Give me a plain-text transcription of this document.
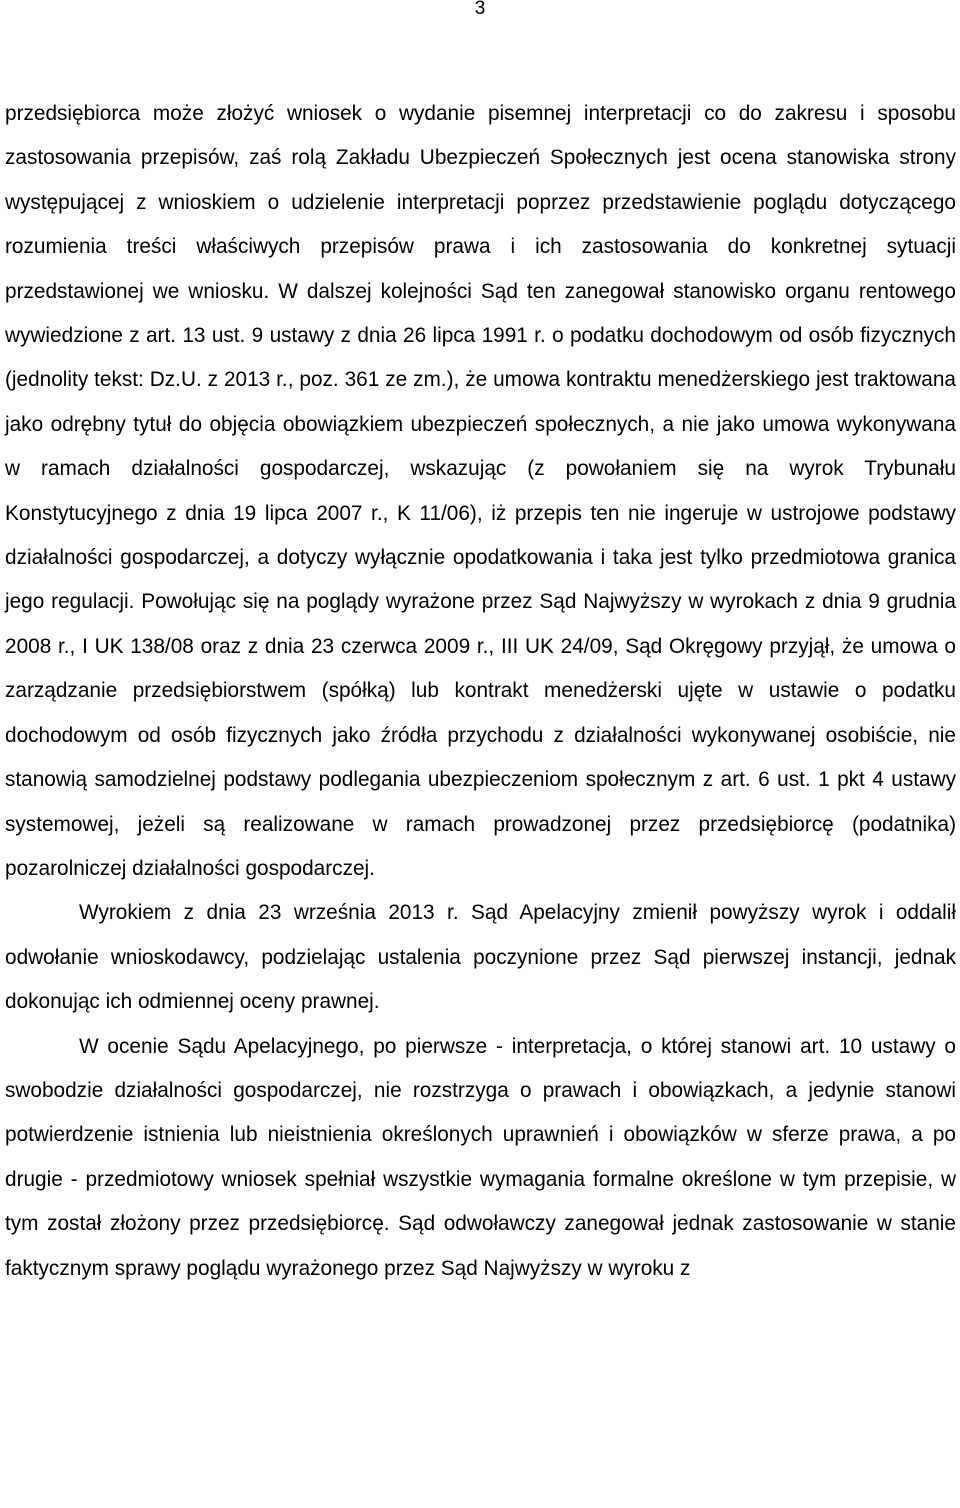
3

przedsiębiorca może złożyć wniosek o wydanie pisemnej interpretacji co do zakresu i sposobu zastosowania przepisów, zaś rolą Zakładu Ubezpieczeń Społecznych jest ocena stanowiska strony występującej z wnioskiem o udzielenie interpretacji poprzez przedstawienie poglądu dotyczącego rozumienia treści właściwych przepisów prawa i ich zastosowania do konkretnej sytuacji przedstawionej we wniosku. W dalszej kolejności Sąd ten zanegował stanowisko organu rentowego wywiedzione z art. 13 ust. 9 ustawy z dnia 26 lipca 1991 r. o podatku dochodowym od osób fizycznych (jednolity tekst: Dz.U. z 2013 r., poz. 361 ze zm.), że umowa kontraktu menedżerskiego jest traktowana jako odrębny tytuł do objęcia obowiązkiem ubezpieczeń społecznych, a nie jako umowa wykonywana w ramach działalności gospodarczej, wskazując (z powołaniem się na wyrok Trybunału Konstytucyjnego z dnia 19 lipca 2007 r., K 11/06), iż przepis ten nie ingeruje w ustrojowe podstawy działalności gospodarczej, a dotyczy wyłącznie opodatkowania i taka jest tylko przedmiotowa granica jego regulacji. Powołując się na poglądy wyrażone przez Sąd Najwyższy w wyrokach z dnia 9 grudnia 2008 r., I UK 138/08 oraz z dnia 23 czerwca 2009 r., III UK 24/09, Sąd Okręgowy przyjął, że umowa o zarządzanie przedsiębiorstwem (spółką) lub kontrakt menedżerski ujęte w ustawie o podatku dochodowym od osób fizycznych jako źródła przychodu z działalności wykonywanej osobiście, nie stanowią samodzielnej podstawy podlegania ubezpieczeniom społecznym z art. 6 ust. 1 pkt 4 ustawy systemowej, jeżeli są realizowane w ramach prowadzonej przez przedsiębiorcę (podatnika) pozarolniczej działalności gospodarczej.

Wyrokiem z dnia 23 września 2013 r. Sąd Apelacyjny zmienił powyższy wyrok i oddalił odwołanie wnioskodawcy, podzielając ustalenia poczynione przez Sąd pierwszej instancji, jednak dokonując ich odmiennej oceny prawnej.

W ocenie Sądu Apelacyjnego, po pierwsze - interpretacja, o której stanowi art. 10 ustawy o swobodzie działalności gospodarczej, nie rozstrzyga o prawach i obowiązkach, a jedynie stanowi potwierdzenie istnienia lub nieistnienia określonych uprawnień i obowiązków w sferze prawa, a po drugie - przedmiotowy wniosek spełniał wszystkie wymagania formalne określone w tym przepisie, w tym został złożony przez przedsiębiorcę. Sąd odwoławczy zanegował jednak zastosowanie w stanie faktycznym sprawy poglądu wyrażonego przez Sąd Najwyższy w wyroku z
